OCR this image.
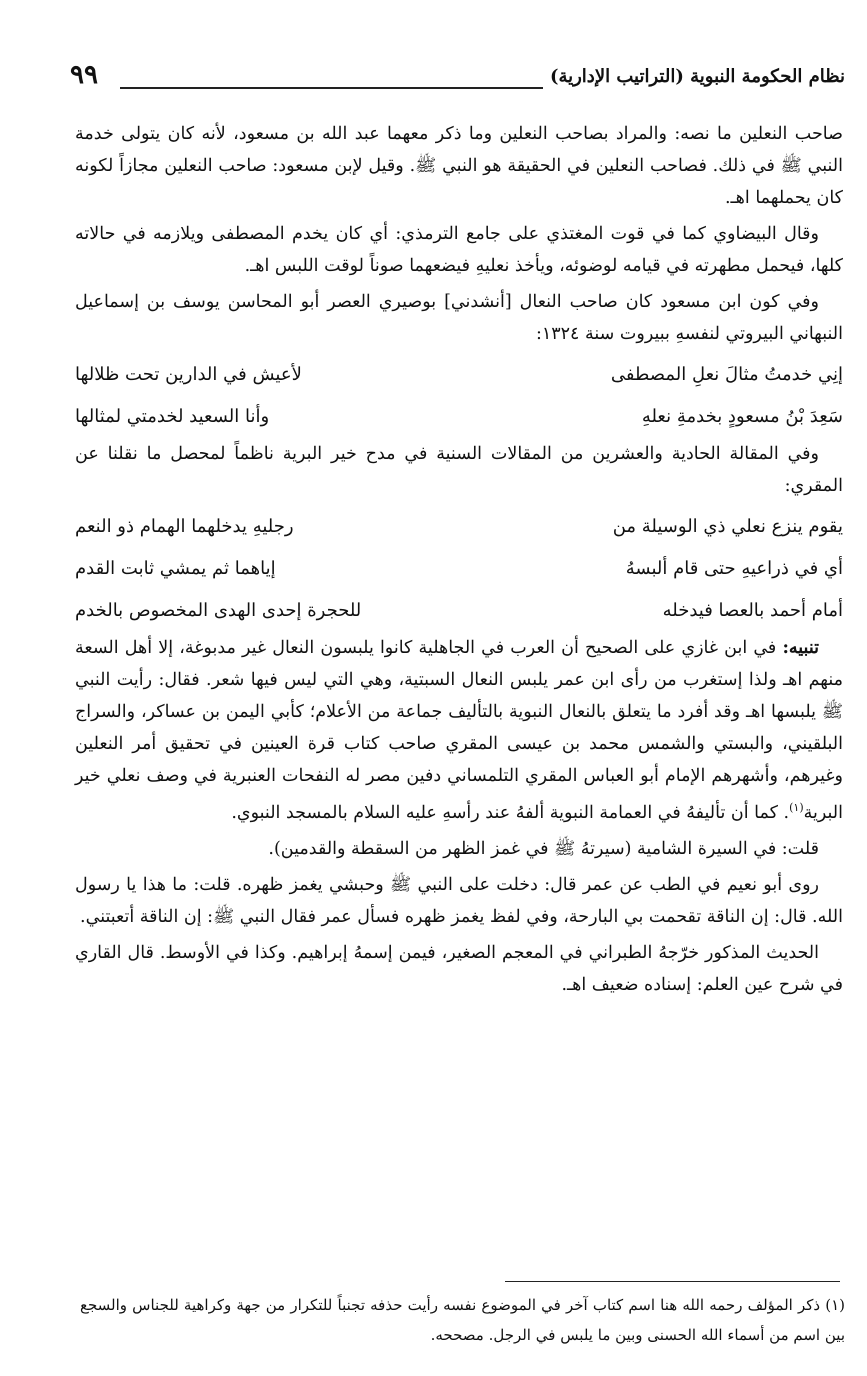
نظام الحكومة النبوية (التراتيب الإدارية)
٩٩

صاحب النعلين ما نصه: والمراد بصاحب النعلين وما ذكر معهما عبد الله بن مسعود، لأنه كان يتولى خدمة النبي ﷺ في ذلك. فصاحب النعلين في الحقيقة هو النبي ﷺ. وقيل لإبن مسعود: صاحب النعلين مجازاً لكونه كان يحملهما اهـ.

وقال البيضاوي كما في قوت المغتذي على جامع الترمذي: أي كان يخدم المصطفى ويلازمه في حالاته كلها، فيحمل مطهرته في قيامه لوضوئه، ويأخذ نعليهِ فيضعهما صوناً لوقت اللبس اهـ.

وفي كون ابن مسعود كان صاحب النعال [أنشدني] بوصيري العصر أبو المحاسن يوسف بن إسماعيل النبهاني البيروتي لنفسهِ ببيروت سنة ١٣٢٤:

إنِي خدمتُ مثالَ نعلِ المصطفى
لأعيش في الدارين تحت ظلالها
سَعِدَ بْنُ مسعودٍ بخدمةِ نعلهِ
وأنا السعيد لخدمتي لمثالها

وفي المقالة الحادية والعشرين من المقالات السنية في مدح خير البرية ناظماً لمحصل ما نقلنا عن المقري:

يقوم ينزع نعلي ذي الوسيلة من
رجليهِ يدخلهما الهمام ذو النعم
أي في ذراعيهِ حتى قام ألبسهُ
إياهما ثم يمشي ثابت القدم
أمام أحمد بالعصا فيدخله
للحجرة إحدى الهدى المخصوص بالخدم

تنبيه: في ابن غازي على الصحيح أن العرب في الجاهلية كانوا يلبسون النعال غير مدبوغة، إلا أهل السعة منهم اهـ ولذا إستغرب من رأى ابن عمر يلبس النعال السبتية، وهي التي ليس فيها شعر. فقال: رأيت النبي ﷺ يلبسها اهـ وقد أفرد ما يتعلق بالنعال النبوية بالتأليف جماعة من الأعلام؛ كأبي اليمن بن عساكر، والسراج البلقيني، والبستي والشمس محمد بن عيسى المقري صاحب كتاب قرة العينين في تحقيق أمر النعلين وغيرهم، وأشهرهم الإمام أبو العباس المقري التلمساني دفين مصر له النفحات العنبرية في وصف نعلي خير البرية$^{(١)}$. كما أن تأليفهُ في العمامة النبوية ألفهُ عند رأسهِ عليه السلام بالمسجد النبوي.

قلت: في السيرة الشامية (سيرتهُ ﷺ في غمز الظهر من السقطة والقدمين).

روى أبو نعيم في الطب عن عمر قال: دخلت على النبي ﷺ وحبشي يغمز ظهره. قلت: ما هذا يا رسول الله. قال: إن الناقة تقحمت بي البارحة، وفي لفظ يغمز ظهره فسأل عمر فقال النبي ﷺ: إن الناقة أتعبتني.

الحديث المذكور خرّجهُ الطبراني في المعجم الصغير، فيمن إسمهُ إبراهيم. وكذا في الأوسط. قال القاري في شرح عين العلم: إسناده ضعيف اهـ.

(١) ذكر المؤلف رحمه الله هنا اسم كتاب آخر في الموضوع نفسه رأيت حذفه تجنباً للتكرار من جهة وكراهية للجناس والسجع بين اسم من أسماء الله الحسنى وبين ما يلبس في الرجل. مصححه.
